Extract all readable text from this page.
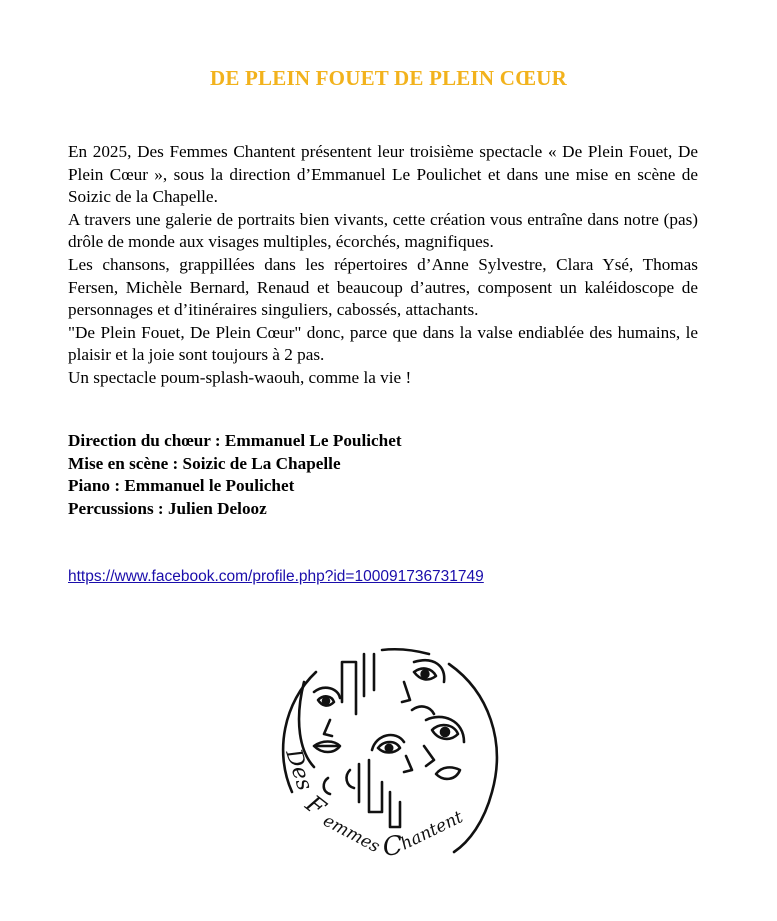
DE PLEIN FOUET DE PLEIN CŒUR

En 2025, Des Femmes Chantent présentent leur troisième spectacle « De Plein Fouet, De Plein Cœur », sous la direction d’Emmanuel Le Poulichet et dans une mise en scène de Soizic de la Chapelle.

A travers une galerie de portraits bien vivants, cette création vous entraîne dans notre (pas) drôle de monde aux visages multiples, écorchés, magnifiques.

Les chansons, grappillées dans les répertoires d’Anne Sylvestre, Clara Ysé, Thomas Fersen, Michèle Bernard, Renaud et beaucoup d’autres, composent un kaléidoscope de personnages et d’itinéraires singuliers, cabossés, attachants.

"De Plein Fouet, De Plein Cœur" donc, parce que dans la valse endiablée des humains, le plaisir et la joie sont toujours à 2 pas.

Un spectacle poum-splash-waouh, comme la vie !

Direction du chœur : Emmanuel Le Poulichet
Mise en scène : Soizic de La Chapelle
Piano : Emmanuel le Poulichet
Percussions : Julien Delooz
https://www.facebook.com/profile.php?id=100091736731749
Des
F
emmes
C
hantent
